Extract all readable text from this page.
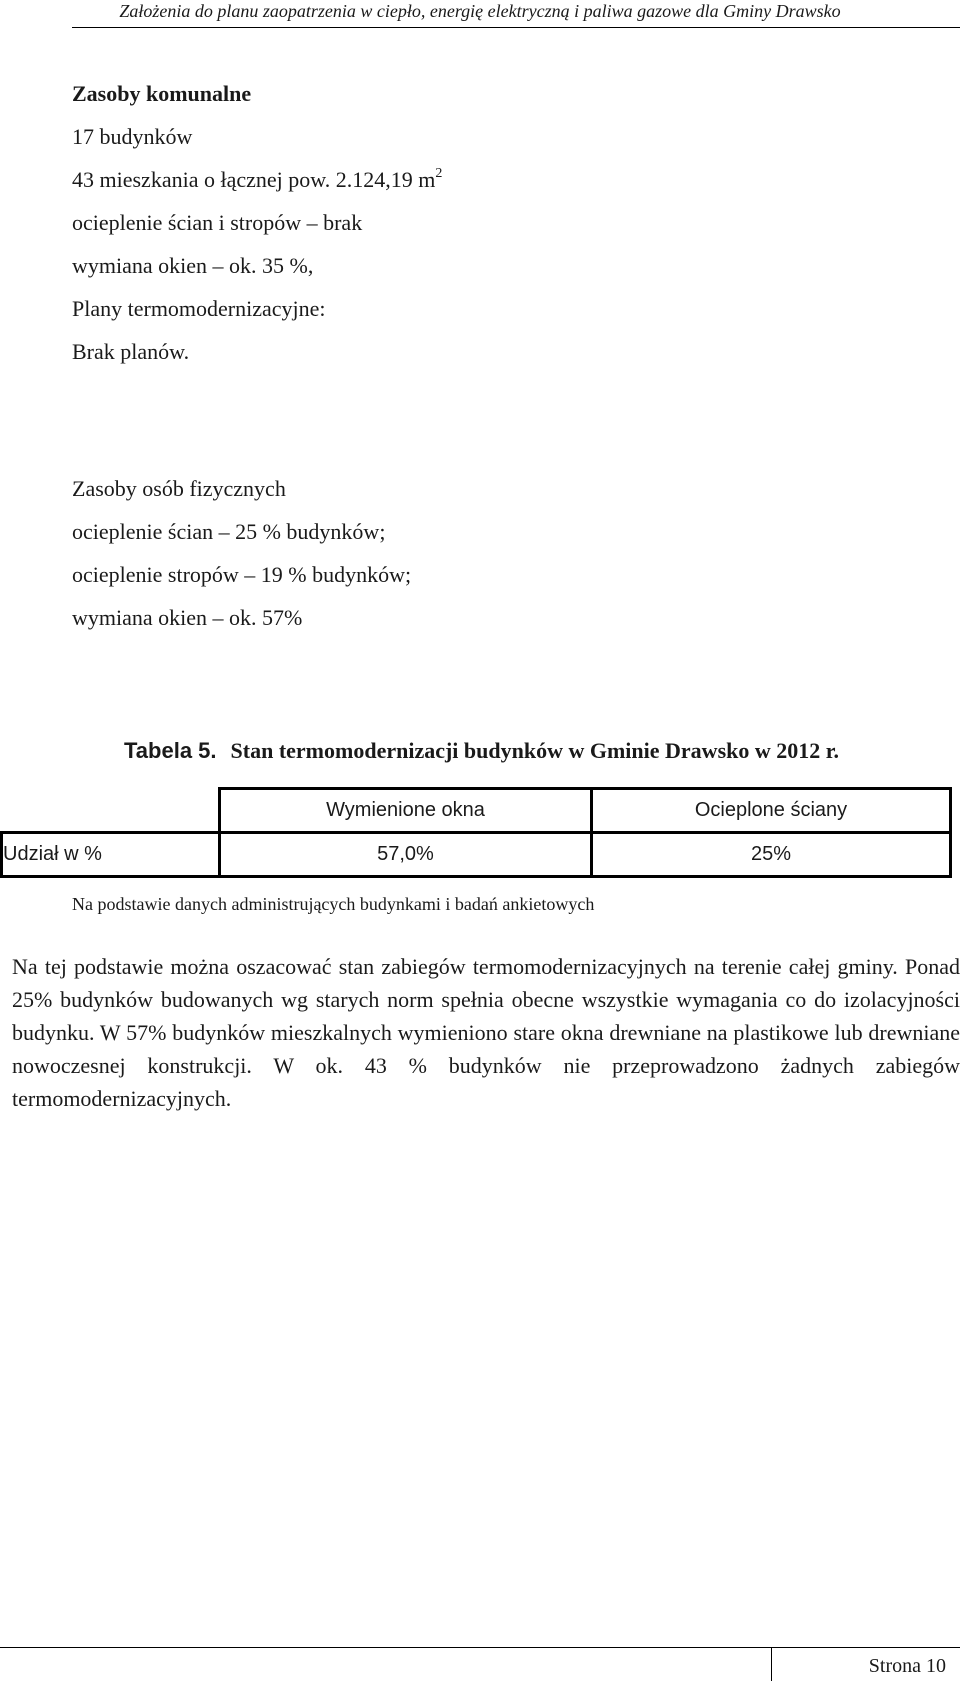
Założenia do planu zaopatrzenia w ciepło, energię elektryczną i paliwa gazowe dla Gminy Drawsko
Zasoby komunalne
17 budynków
43 mieszkania o łącznej pow. 2.124,19 $m^2$
ocieplenie ścian i stropów – brak
wymiana okien – ok. 35 %,
Plany termomodernizacyjne:
Brak planów.
Zasoby osób fizycznych
ocieplenie ścian – 25 % budynków;
ocieplenie stropów – 19 % budynków;
wymiana okien – ok. 57%
Tabela 5. Stan termomodernizacji budynków w Gminie Drawsko w 2012 r.
	Wymienione okna	Ocieplone ściany
Udział w %	57,0%	25%
Na podstawie danych administrujących budynkami i badań ankietowych
Na tej podstawie można oszacować stan zabiegów termomodernizacyjnych na terenie całej gminy. Ponad 25% budynków budowanych wg starych norm spełnia obecne wszystkie wymagania co do izolacyjności budynku. W 57% budynków mieszkalnych wymieniono stare okna drewniane na plastikowe lub drewniane nowoczesnej konstrukcji. W ok. 43 % budynków nie przeprowadzono żadnych zabiegów termomodernizacyjnych.
Strona 10
